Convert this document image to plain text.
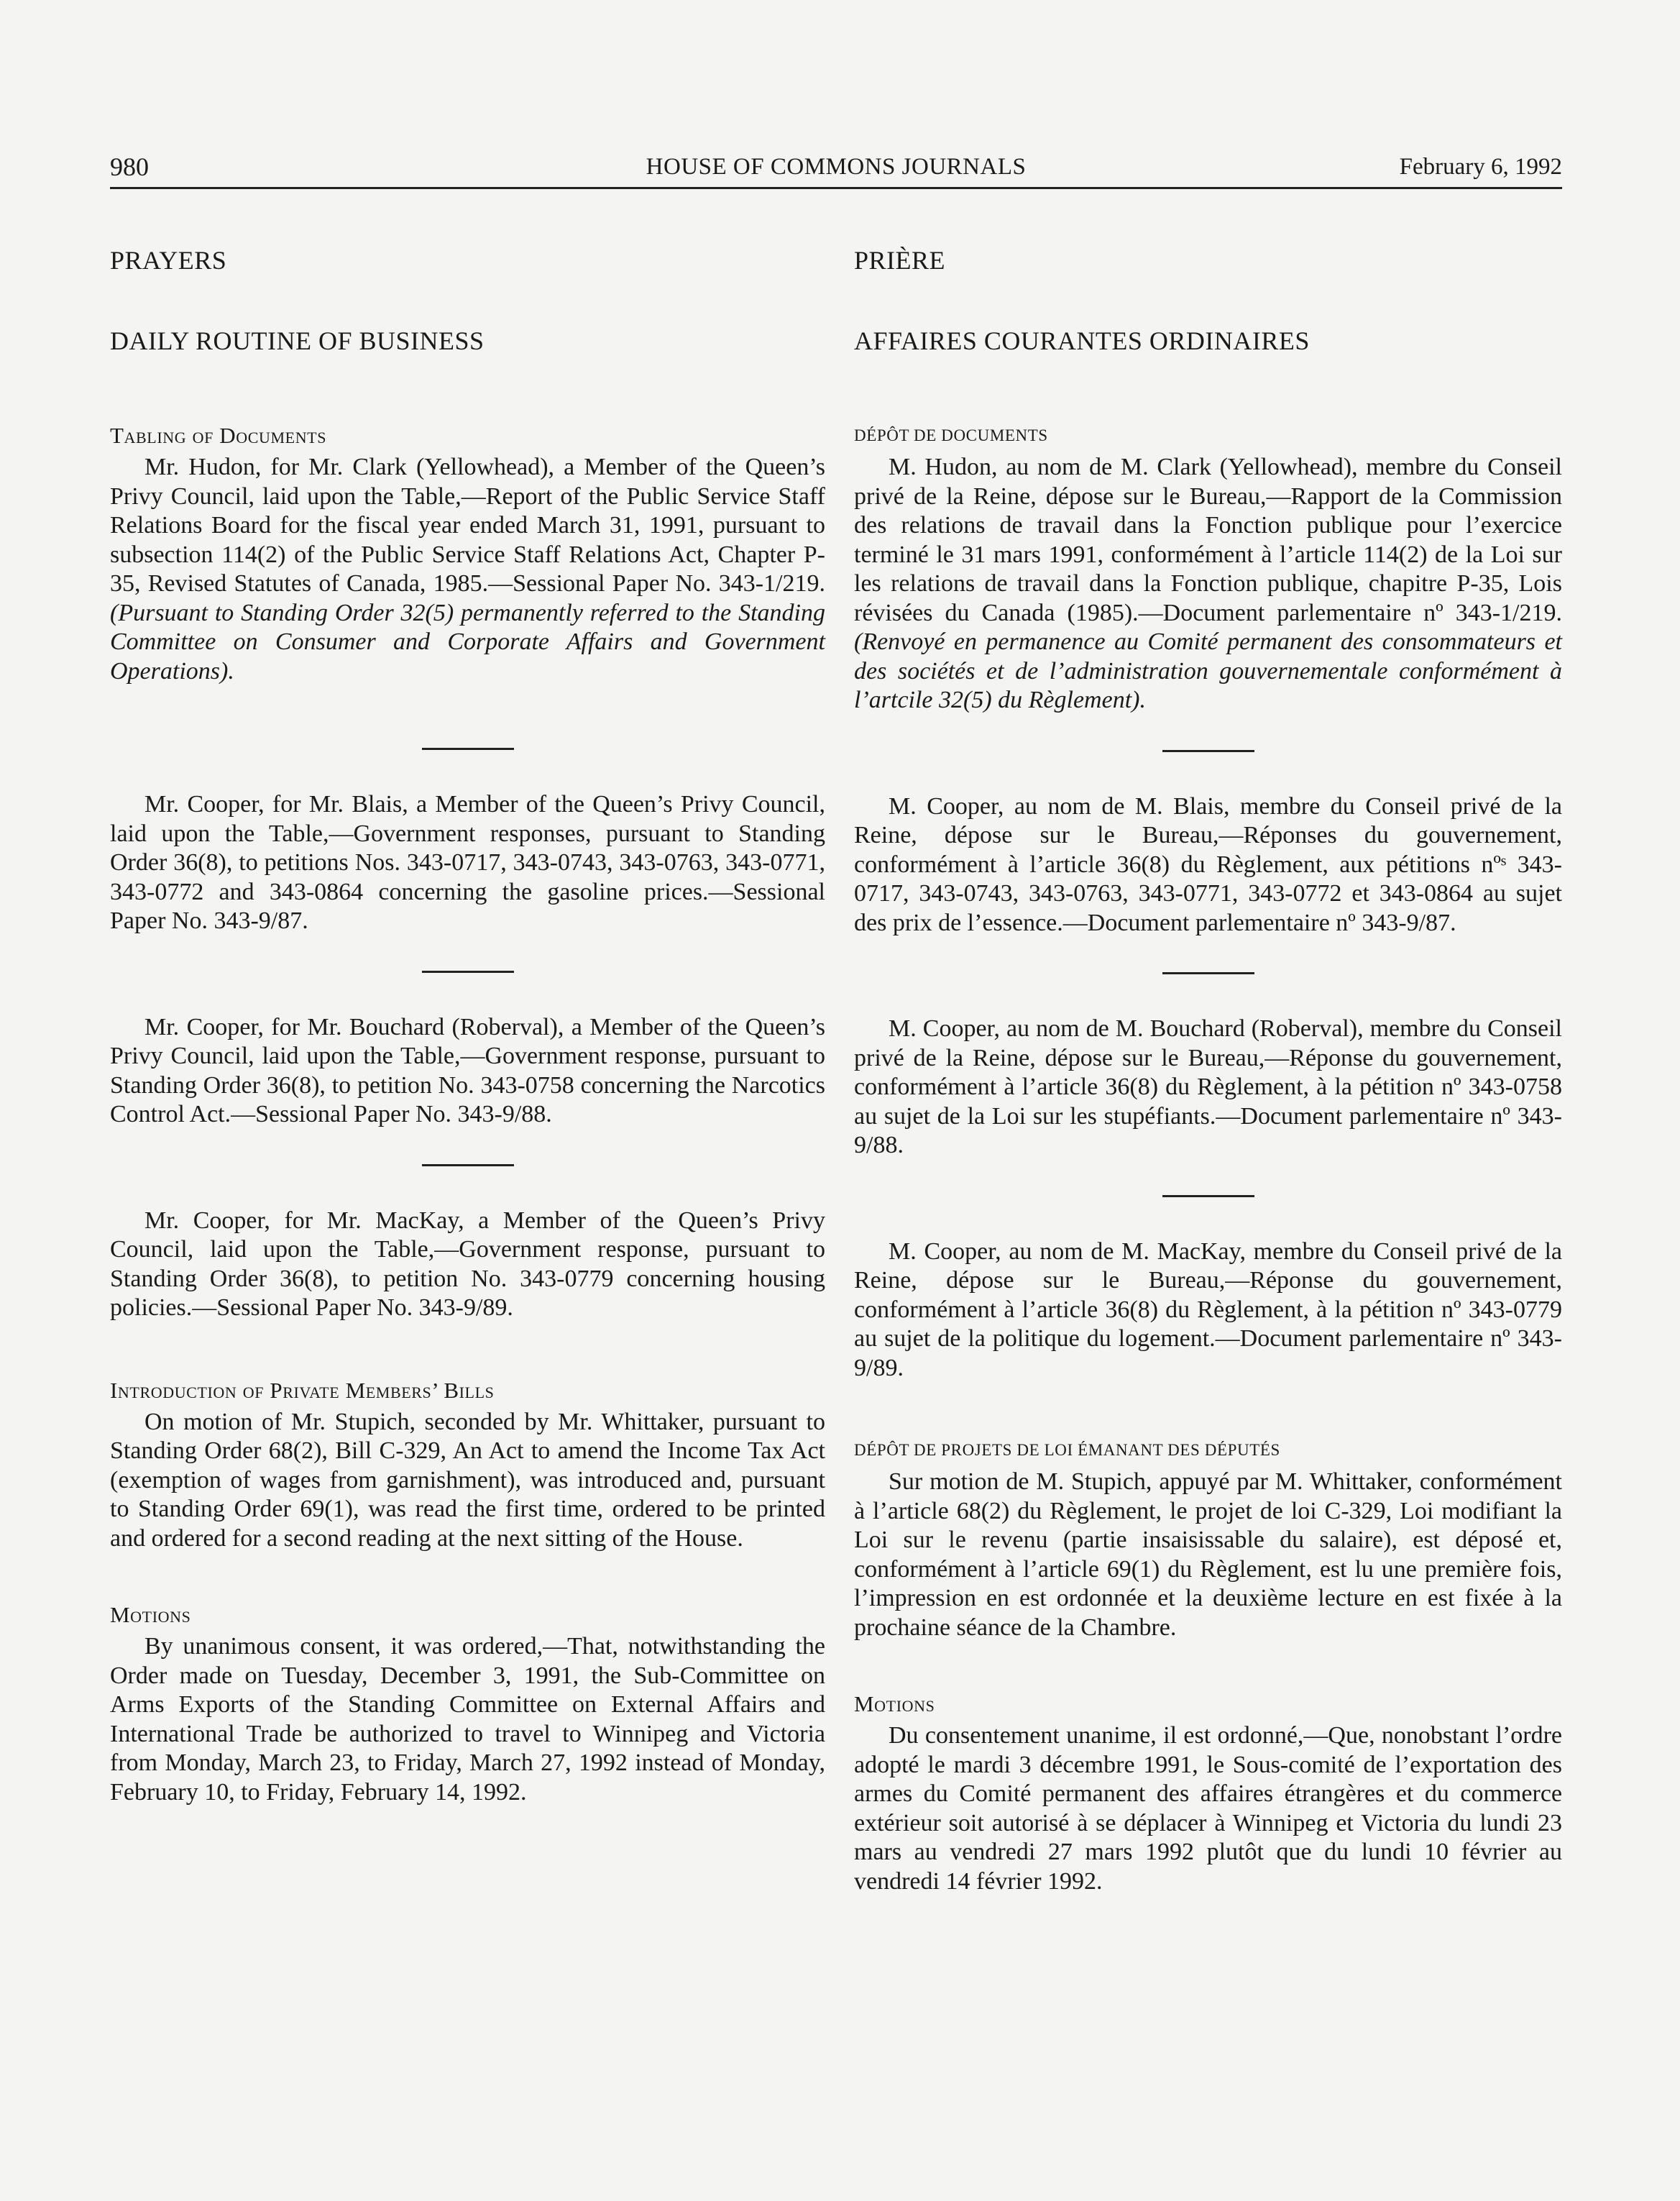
980	HOUSE OF COMMONS JOURNALS	February 6, 1992
PRAYERS
DAILY ROUTINE OF BUSINESS
Tabling of Documents

Mr. Hudon, for Mr. Clark (Yellowhead), a Member of the Queen’s Privy Council, laid upon the Table,—Report of the Public Service Staff Relations Board for the fiscal year ended March 31, 1991, pursuant to subsection 114(2) of the Public Service Staff Relations Act, Chapter P-35, Revised Statutes of Canada, 1985.—Sessional Paper No. 343-1/219. (Pursuant to Standing Order 32(5) permanently referred to the Standing Committee on Consumer and Corporate Affairs and Government Operations).

Mr. Cooper, for Mr. Blais, a Member of the Queen’s Privy Council, laid upon the Table,—Government responses, pursuant to Standing Order 36(8), to petitions Nos. 343-0717, 343-0743, 343-0763, 343-0771, 343-0772 and 343-0864 concerning the gasoline prices.—Sessional Paper No. 343-9/87.

Mr. Cooper, for Mr. Bouchard (Roberval), a Member of the Queen’s Privy Council, laid upon the Table,—Government response, pursuant to Standing Order 36(8), to petition No. 343-0758 concerning the Narcotics Control Act.—Sessional Paper No. 343-9/88.

Mr. Cooper, for Mr. MacKay, a Member of the Queen’s Privy Council, laid upon the Table,—Government response, pursuant to Standing Order 36(8), to petition No. 343-0779 concerning housing policies.—Sessional Paper No. 343-9/89.

Introduction of Private Members’ Bills

On motion of Mr. Stupich, seconded by Mr. Whittaker, pursuant to Standing Order 68(2), Bill C-329, An Act to amend the Income Tax Act (exemption of wages from garnishment), was introduced and, pursuant to Standing Order 69(1), was read the first time, ordered to be printed and ordered for a second reading at the next sitting of the House.

Motions

By unanimous consent, it was ordered,—That, notwithstanding the Order made on Tuesday, December 3, 1991, the Sub-Committee on Arms Exports of the Standing Committee on External Affairs and International Trade be authorized to travel to Winnipeg and Victoria from Monday, March 23, to Friday, March 27, 1992 instead of Monday, February 10, to Friday, February 14, 1992.

PRIÈRE
AFFAIRES COURANTES ORDINAIRES
DÉPÔT DE DOCUMENTS

M. Hudon, au nom de M. Clark (Yellowhead), membre du Conseil privé de la Reine, dépose sur le Bureau,—Rapport de la Commission des relations de travail dans la Fonction publique pour l’exercice terminé le 31 mars 1991, conformément à l’article 114(2) de la Loi sur les relations de travail dans la Fonction publique, chapitre P-35, Lois révisées du Canada (1985).—Document parlementaire nº 343-1/219. (Renvoyé en permanence au Comité permanent des consommateurs et des sociétés et de l’administration gouvernementale conformément à l’artcile 32(5) du Règlement).

M. Cooper, au nom de M. Blais, membre du Conseil privé de la Reine, dépose sur le Bureau,—Réponses du gouvernement, conformément à l’article 36(8) du Règlement, aux pétitions nºˢ 343-0717, 343-0743, 343-0763, 343-0771, 343-0772 et 343-0864 au sujet des prix de l’essence.—Document parlementaire nº 343-9/87.

M. Cooper, au nom de M. Bouchard (Roberval), membre du Conseil privé de la Reine, dépose sur le Bureau,—Réponse du gouvernement, conformément à l’article 36(8) du Règlement, à la pétition nº 343-0758 au sujet de la Loi sur les stupéfiants.—Document parlementaire nº 343-9/88.

M. Cooper, au nom de M. MacKay, membre du Conseil privé de la Reine, dépose sur le Bureau,—Réponse du gouvernement, conformément à l’article 36(8) du Règlement, à la pétition nº 343-0779 au sujet de la politique du logement.—Document parlementaire nº 343-9/89.

DÉPÔT DE PROJETS DE LOI ÉMANANT DES DÉPUTÉS

Sur motion de M. Stupich, appuyé par M. Whittaker, conformément à l’article 68(2) du Règlement, le projet de loi C-329, Loi modifiant la Loi sur le revenu (partie insaisissable du salaire), est déposé et, conformément à l’article 69(1) du Règlement, est lu une première fois, l’impression en est ordonnée et la deuxième lecture en est fixée à la prochaine séance de la Chambre.

Motions

Du consentement unanime, il est ordonné,—Que, nonobstant l’ordre adopté le mardi 3 décembre 1991, le Sous-comité de l’exportation des armes du Comité permanent des affaires étrangères et du commerce extérieur soit autorisé à se déplacer à Winnipeg et Victoria du lundi 23 mars au vendredi 27 mars 1992 plutôt que du lundi 10 février au vendredi 14 février 1992.
